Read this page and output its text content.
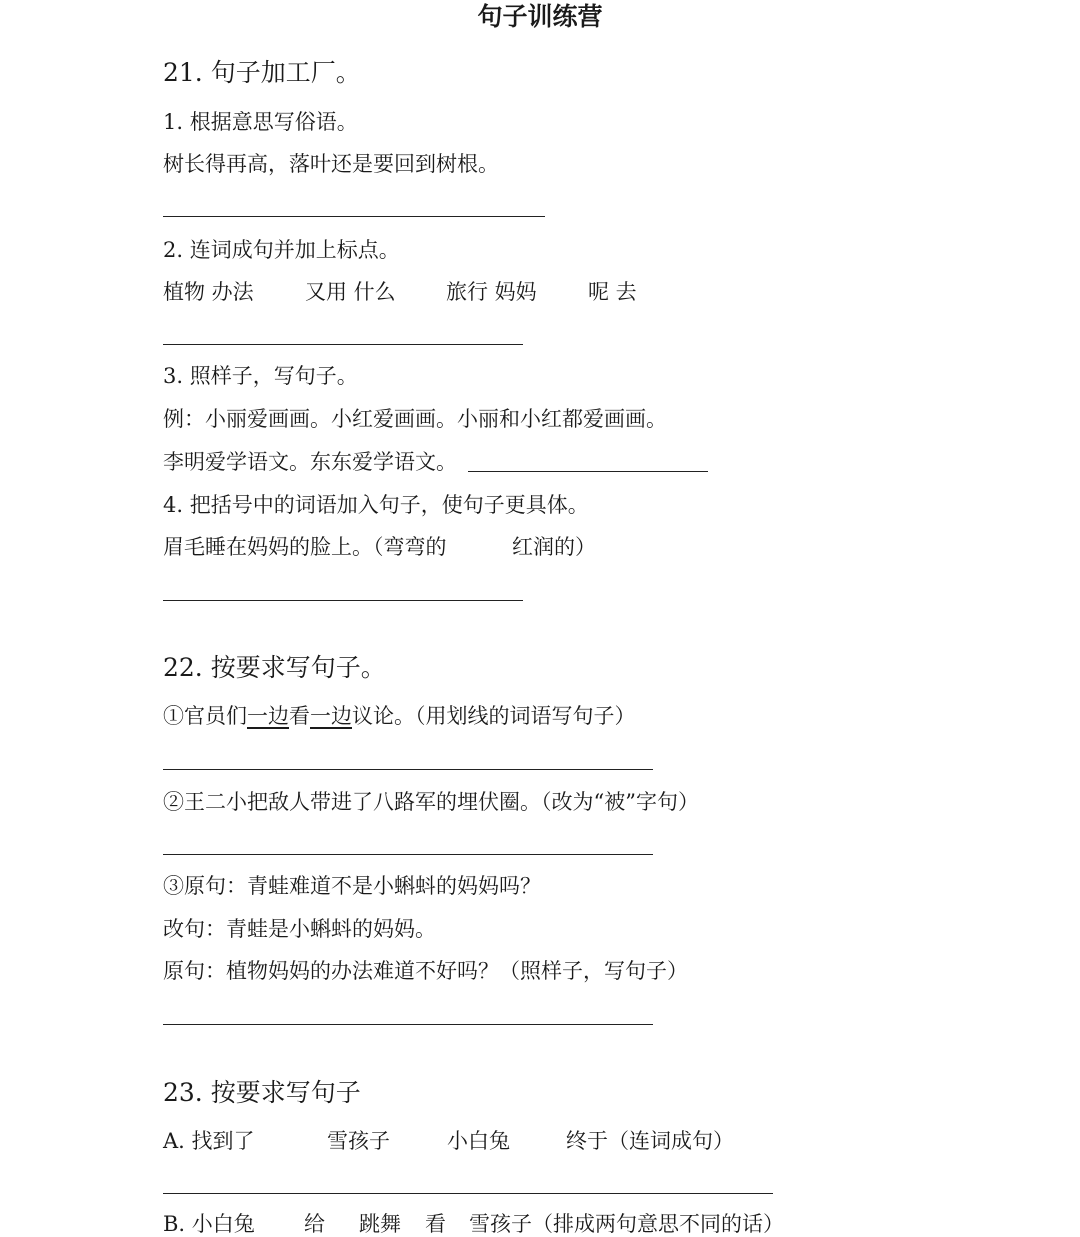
句子训练营
21. 句子加工厂。
1. 根据意思写俗语。
树长得再高，落叶还是要回到树根。
2. 连词成句并加上标点。
植物 办法 又用 什么 旅行 妈妈 呢 去
3. 照样子，写句子。
例：小丽爱画画。小红爱画画。小丽和小红都爱画画。
李明爱学语文。东东爱学语文。
4. 把括号中的词语加入句子，使句子更具体。
眉毛睡在妈妈的脸上。（弯弯的	红润的）
22. 按要求写句子。
①官员们一边看一边议论。（用划线的词语写句子）
②王二小把敌人带进了八路军的埋伏圈。（改为“被”字句）
③原句：青蛙难道不是小蝌蚪的妈妈吗？
改句：青蛙是小蝌蚪的妈妈。
原句：植物妈妈的办法难道不好吗？（照样子，写句子）
23. 按要求写句子
A. 找到了	雪孩子	小白兔	终于（连词成句）
B. 小白兔 给 跳舞 看 雪孩子（排成两句意思不同的话）
